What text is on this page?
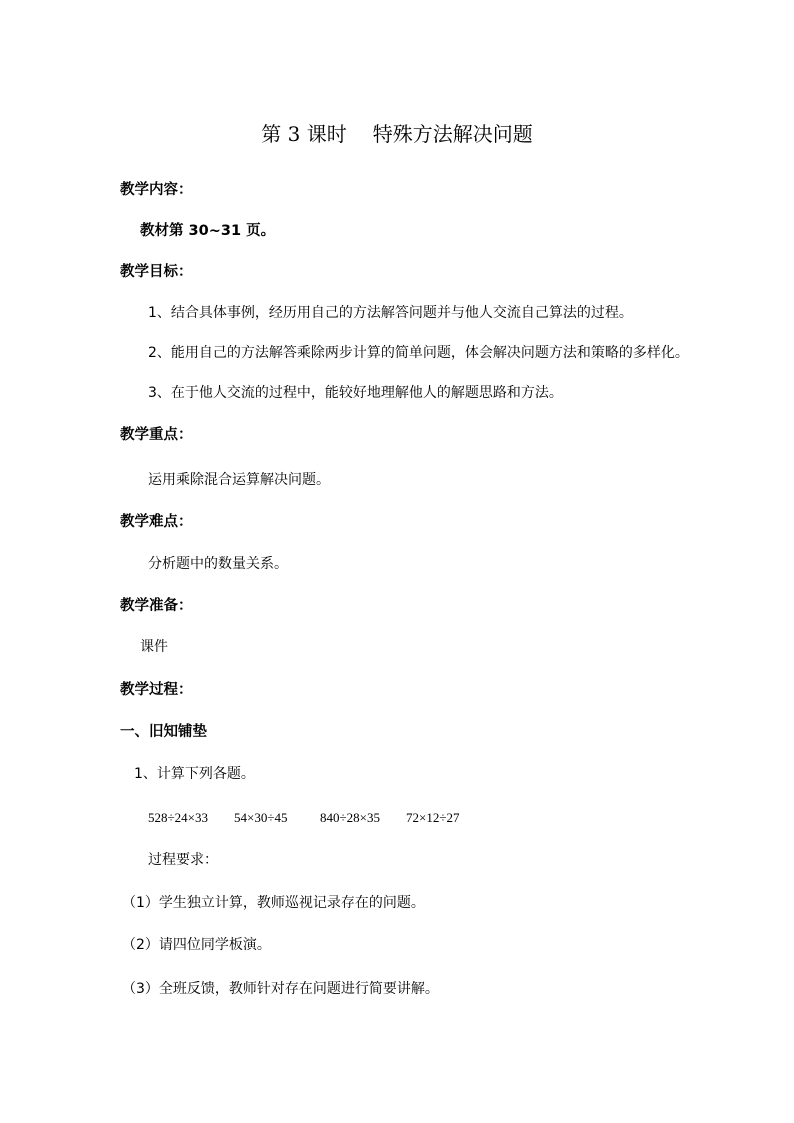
第 3 课时 特殊方法解决问题
教学内容：
教材第 30~31 页。
教学目标：
1、结合具体事例，经历用自己的方法解答问题并与他人交流自己算法的过程。
2、能用自己的方法解答乘除两步计算的简单问题，体会解决问题方法和策略的多样化。
3、在于他人交流的过程中，能较好地理解他人的解题思路和方法。
教学重点：
运用乘除混合运算解决问题。
教学难点：
分析题中的数量关系。
教学准备：
课件
教学过程：
一、旧知铺垫
1、计算下列各题。
528÷24×33 54×30÷45	840÷28×35 72×12÷27
过程要求：
（1）学生独立计算，教师巡视记录存在的问题。
（2）请四位同学板演。
（3）全班反馈，教师针对存在问题进行简要讲解。
